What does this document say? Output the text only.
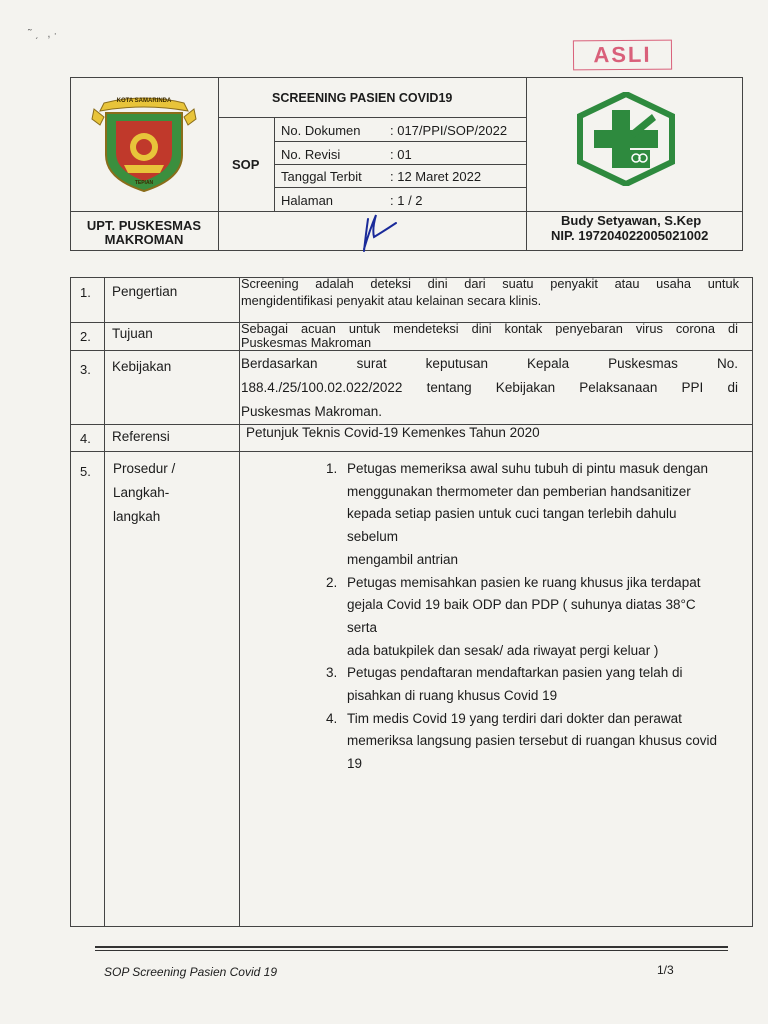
˜ˏ ,·
ASLI
KOTA SAMARINDA
TEPIAN
SCREENING PASIEN COVID19
SOP
No. Dokumen : 017/PPI/SOP/2022
No. Revisi	: 01
Tanggal Terbit : 12 Maret 2022
Halaman	: 1 / 2
UPT. PUSKESMAS
MAKROMAN
Budy Setyawan, S.Kep
NIP. 197204022005021002
1. Pengertian
Screening adalah deteksi dini dari suatu penyakit atau usaha untuk
mengidentifikasi penyakit atau kelainan secara klinis.
2. Tujuan	Sebagai acuan untuk mendeteksi dini kontak penyebaran virus corona di
Puskesmas Makroman
3. Kebijakan	Berdasarkan surat keputusan Kepala Puskesmas No.
188.4./25/100.02.022/2022 tentang Kebijakan Pelaksanaan PPI di
Puskesmas Makroman.
4. Referensi	Petunjuk Teknis Covid-19 Kemenkes Tahun 2020
5. Prosedur /
Langkah-
langkah
1. Petugas memeriksa awal suhu tubuh di pintu masuk dengan
menggunakan thermometer dan pemberian handsanitizer
kepada setiap pasien untuk cuci tangan terlebih dahulu sebelum
mengambil antrian
2. Petugas memisahkan pasien ke ruang khusus jika terdapat
gejala Covid 19 baik ODP dan PDP ( suhunya diatas 38°C serta
ada batukpilek dan sesak/ ada riwayat pergi keluar )
3. Petugas pendaftaran mendaftarkan pasien yang telah di
pisahkan di ruang khusus Covid 19
4. Tim medis Covid 19 yang terdiri dari dokter dan perawat
memeriksa langsung pasien tersebut di ruangan khusus covid
19
SOP Screening Pasien Covid 19	1/3
